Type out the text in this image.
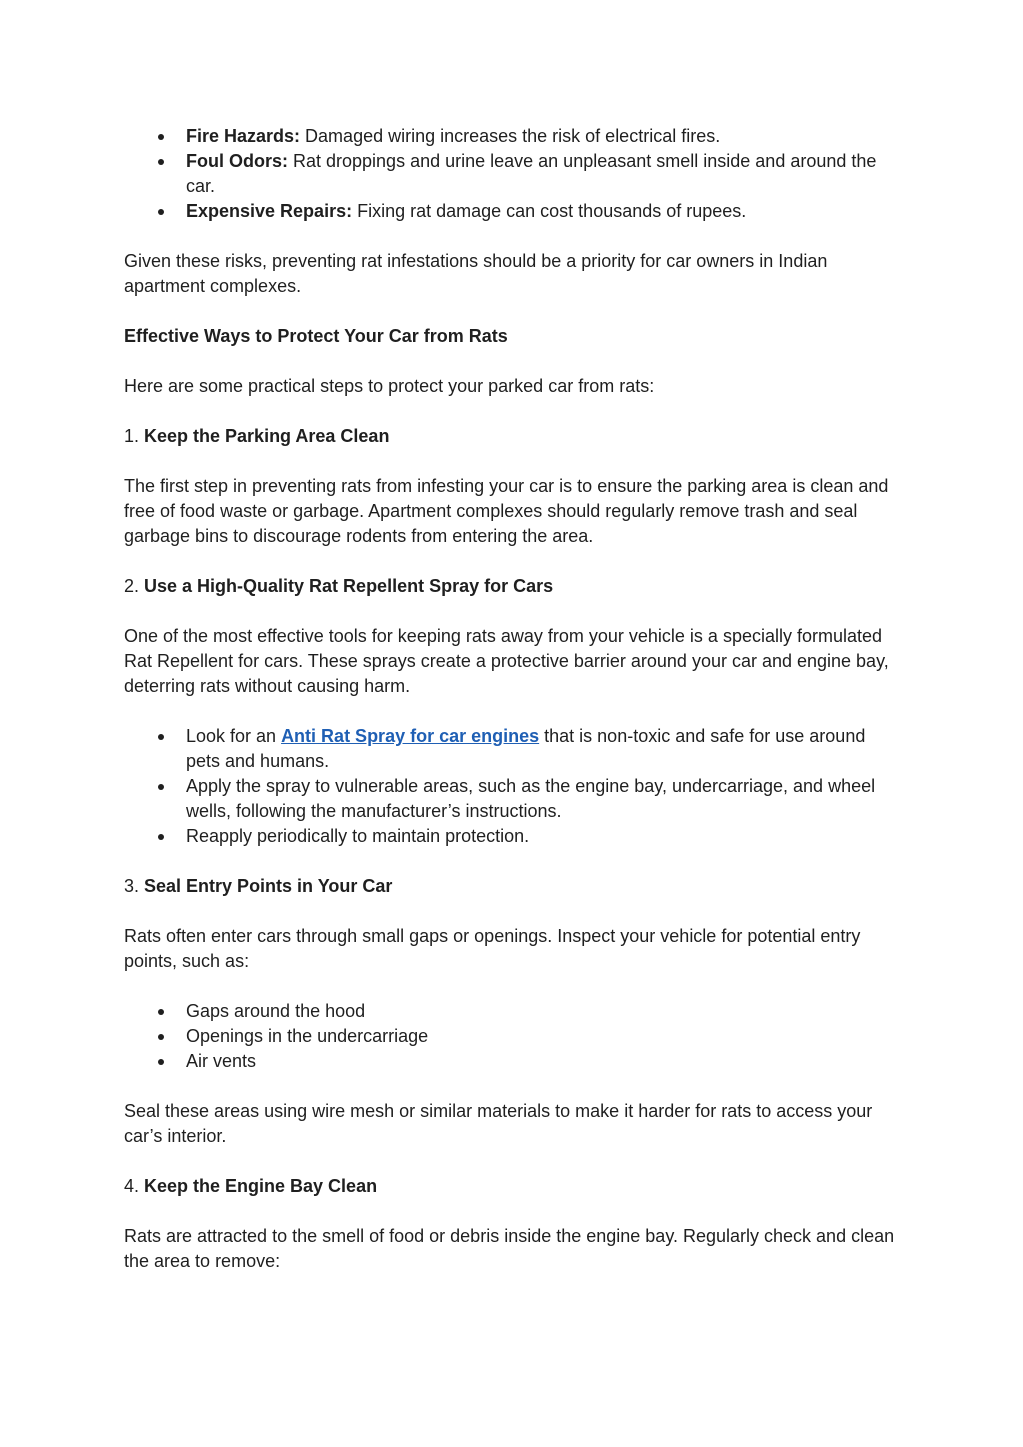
Fire Hazards: Damaged wiring increases the risk of electrical fires.
Foul Odors: Rat droppings and urine leave an unpleasant smell inside and around the car.
Expensive Repairs: Fixing rat damage can cost thousands of rupees.

Given these risks, preventing rat infestations should be a priority for car owners in Indian apartment complexes.

Effective Ways to Protect Your Car from Rats

Here are some practical steps to protect your parked car from rats:

1. Keep the Parking Area Clean

The first step in preventing rats from infesting your car is to ensure the parking area is clean and free of food waste or garbage. Apartment complexes should regularly remove trash and seal garbage bins to discourage rodents from entering the area.

2. Use a High-Quality Rat Repellent Spray for Cars

One of the most effective tools for keeping rats away from your vehicle is a specially formulated Rat Repellent for cars. These sprays create a protective barrier around your car and engine bay, deterring rats without causing harm.

Look for an Anti Rat Spray for car engines that is non-toxic and safe for use around pets and humans.
Apply the spray to vulnerable areas, such as the engine bay, undercarriage, and wheel wells, following the manufacturer’s instructions.
Reapply periodically to maintain protection.

3. Seal Entry Points in Your Car

Rats often enter cars through small gaps or openings. Inspect your vehicle for potential entry points, such as:

Gaps around the hood
Openings in the undercarriage
Air vents

Seal these areas using wire mesh or similar materials to make it harder for rats to access your car’s interior.

4. Keep the Engine Bay Clean

Rats are attracted to the smell of food or debris inside the engine bay. Regularly check and clean the area to remove:
